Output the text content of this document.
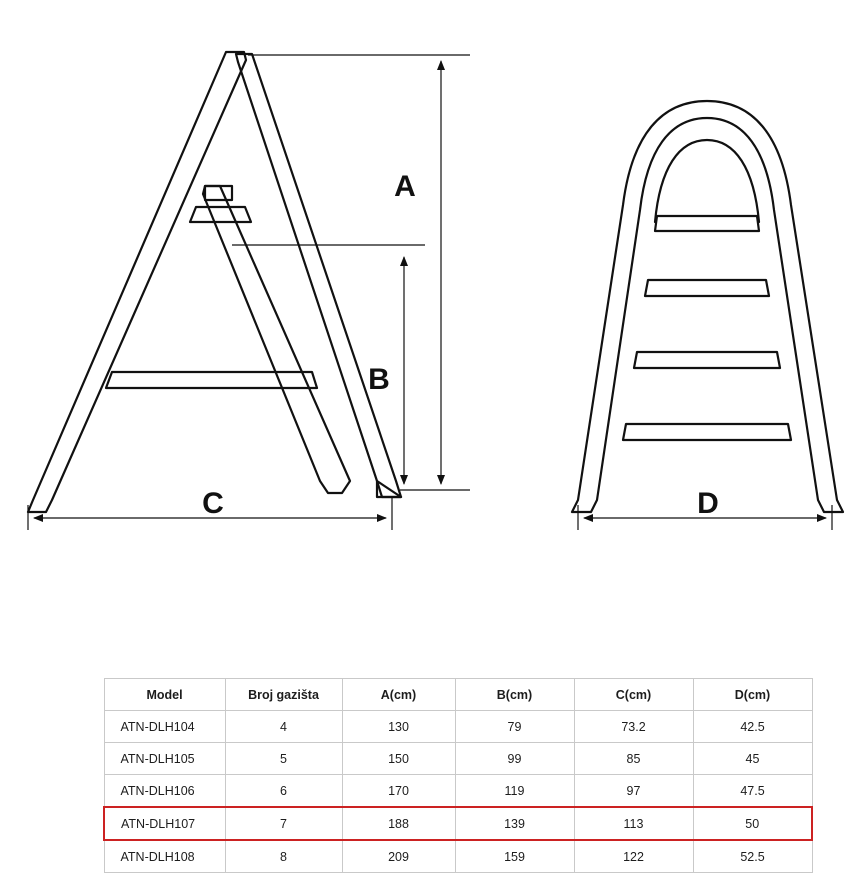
A
B
C	D
Model	Broj gazišta	A(cm)	B(cm)	C(cm)	D(cm)
ATN-DLH104	4	130	79	73.2	42.5
ATN-DLH105	5	150	99	85	45
ATN-DLH106	6	170	119	97	47.5
ATN-DLH107	7	188	139	113	50
ATN-DLH108	8	209	159	122	52.5
